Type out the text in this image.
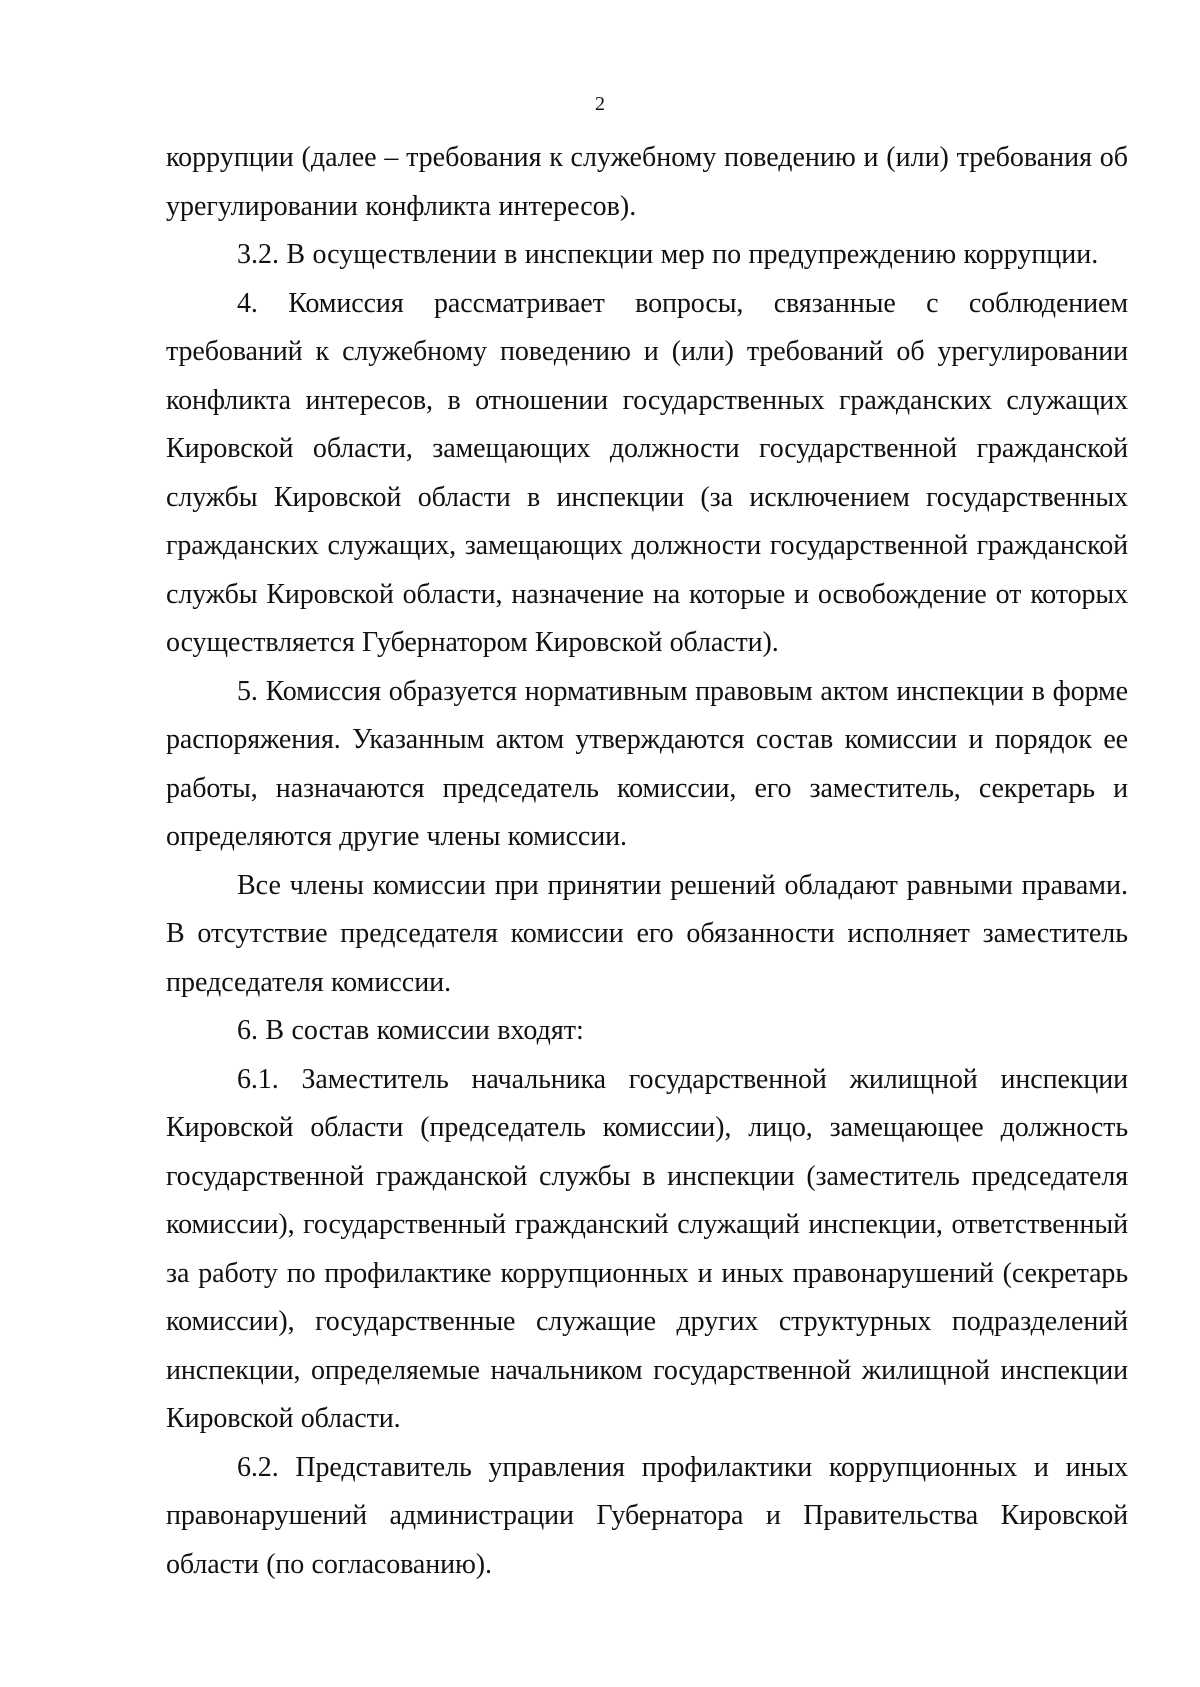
2

коррупции (далее – требования к служебному поведению и (или) требования об урегулировании конфликта интересов).

3.2. В осуществлении в инспекции мер по предупреждению коррупции.

4. Комиссия рассматривает вопросы, связанные с соблюдением требований к служебному поведению и (или) требований об урегулировании конфликта интересов, в отношении государственных гражданских служащих Кировской области, замещающих должности государственной гражданской службы Кировской области в инспекции (за исключением государственных гражданских служащих, замещающих должности государственной гражданской службы Кировской области, назначение на которые и освобождение от которых осуществляется Губернатором Кировской области).

5. Комиссия образуется нормативным правовым актом инспекции в форме распоряжения. Указанным актом утверждаются состав комиссии и порядок ее работы, назначаются председатель комиссии, его заместитель, секретарь и определяются другие члены комиссии.

Все члены комиссии при принятии решений обладают равными правами. В отсутствие председателя комиссии его обязанности исполняет заместитель председателя комиссии.

6. В состав комиссии входят:

6.1. Заместитель начальника государственной жилищной инспекции Кировской области (председатель комиссии), лицо, замещающее должность государственной гражданской службы в инспекции (заместитель председателя комиссии), государственный гражданский служащий инспекции, ответственный за работу по профилактике коррупционных и иных правонарушений (секретарь комиссии), государственные служащие других структурных подразделений инспекции, определяемые начальником государственной жилищной инспекции Кировской области.

6.2. Представитель управления профилактики коррупционных и иных правонарушений администрации Губернатора и Правительства Кировской области (по согласованию).
